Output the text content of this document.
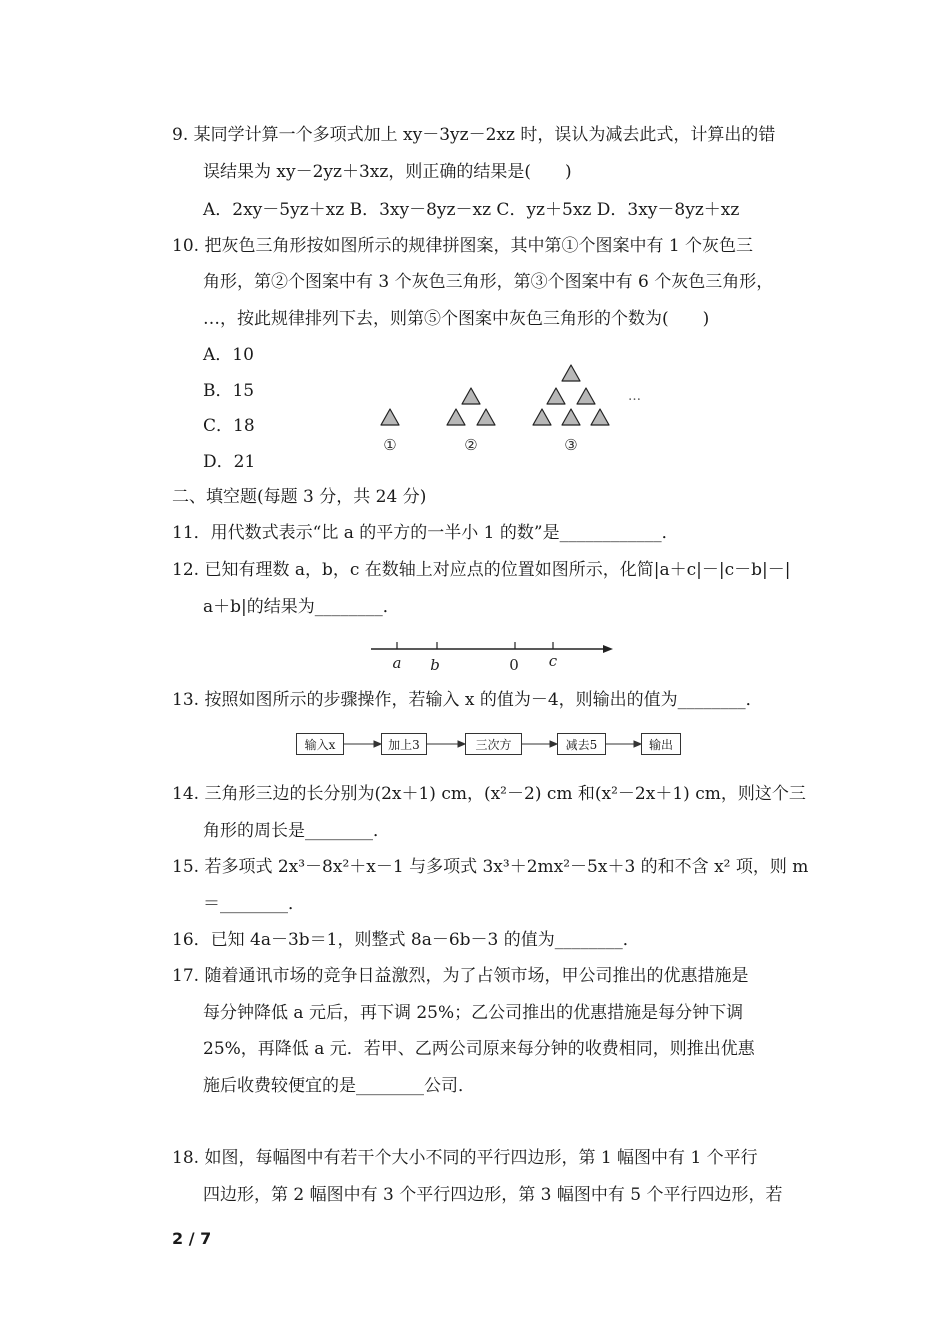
9. 某同学计算一个多项式加上 xy－3yz－2xz 时，误认为减去此式，计算出的错
误结果为 xy－2yz＋3xz，则正确的结果是(　　)
A．2xy－5yz＋xz B．3xy－8yz－xz C．yz＋5xz D．3xy－8yz＋xz
10. 把灰色三角形按如图所示的规律拼图案，其中第①个图案中有 1 个灰色三
角形，第②个图案中有 3 个灰色三角形，第③个图案中有 6 个灰色三角形，
…，按此规律排列下去，则第⑤个图案中灰色三角形的个数为(　　)
A．10
B．15
C．18
D．21
①	②	③
…
二、填空题(每题 3 分，共 24 分)
11．用代数式表示“比 a 的平方的一半小 1 的数”是____________．
12. 已知有理数 a，b，c 在数轴上对应点的位置如图所示，化简|a＋c|－|c－b|－|
a＋b|的结果为________．
a b	0 c
13. 按照如图所示的步骤操作，若输入 x 的值为－4，则输出的值为________．
输入x	加上3	三次方	减去5	输出
14. 三角形三边的长分别为(2x＋1) cm，(x²－2) cm 和(x²－2x＋1) cm，则这个三
角形的周长是________．
15. 若多项式 2x³－8x²＋x－1 与多项式 3x³＋2mx²－5x＋3 的和不含 x² 项，则 m
＝________．
16．已知 4a－3b＝1，则整式 8a－6b－3 的值为________．
17. 随着通讯市场的竞争日益激烈，为了占领市场，甲公司推出的优惠措施是
每分钟降低 a 元后，再下调 25%；乙公司推出的优惠措施是每分钟下调
25%，再降低 a 元．若甲、乙两公司原来每分钟的收费相同，则推出优惠
施后收费较便宜的是________公司．
18. 如图，每幅图中有若干个大小不同的平行四边形，第 1 幅图中有 1 个平行
四边形，第 2 幅图中有 3 个平行四边形，第 3 幅图中有 5 个平行四边形，若
2 / 7
